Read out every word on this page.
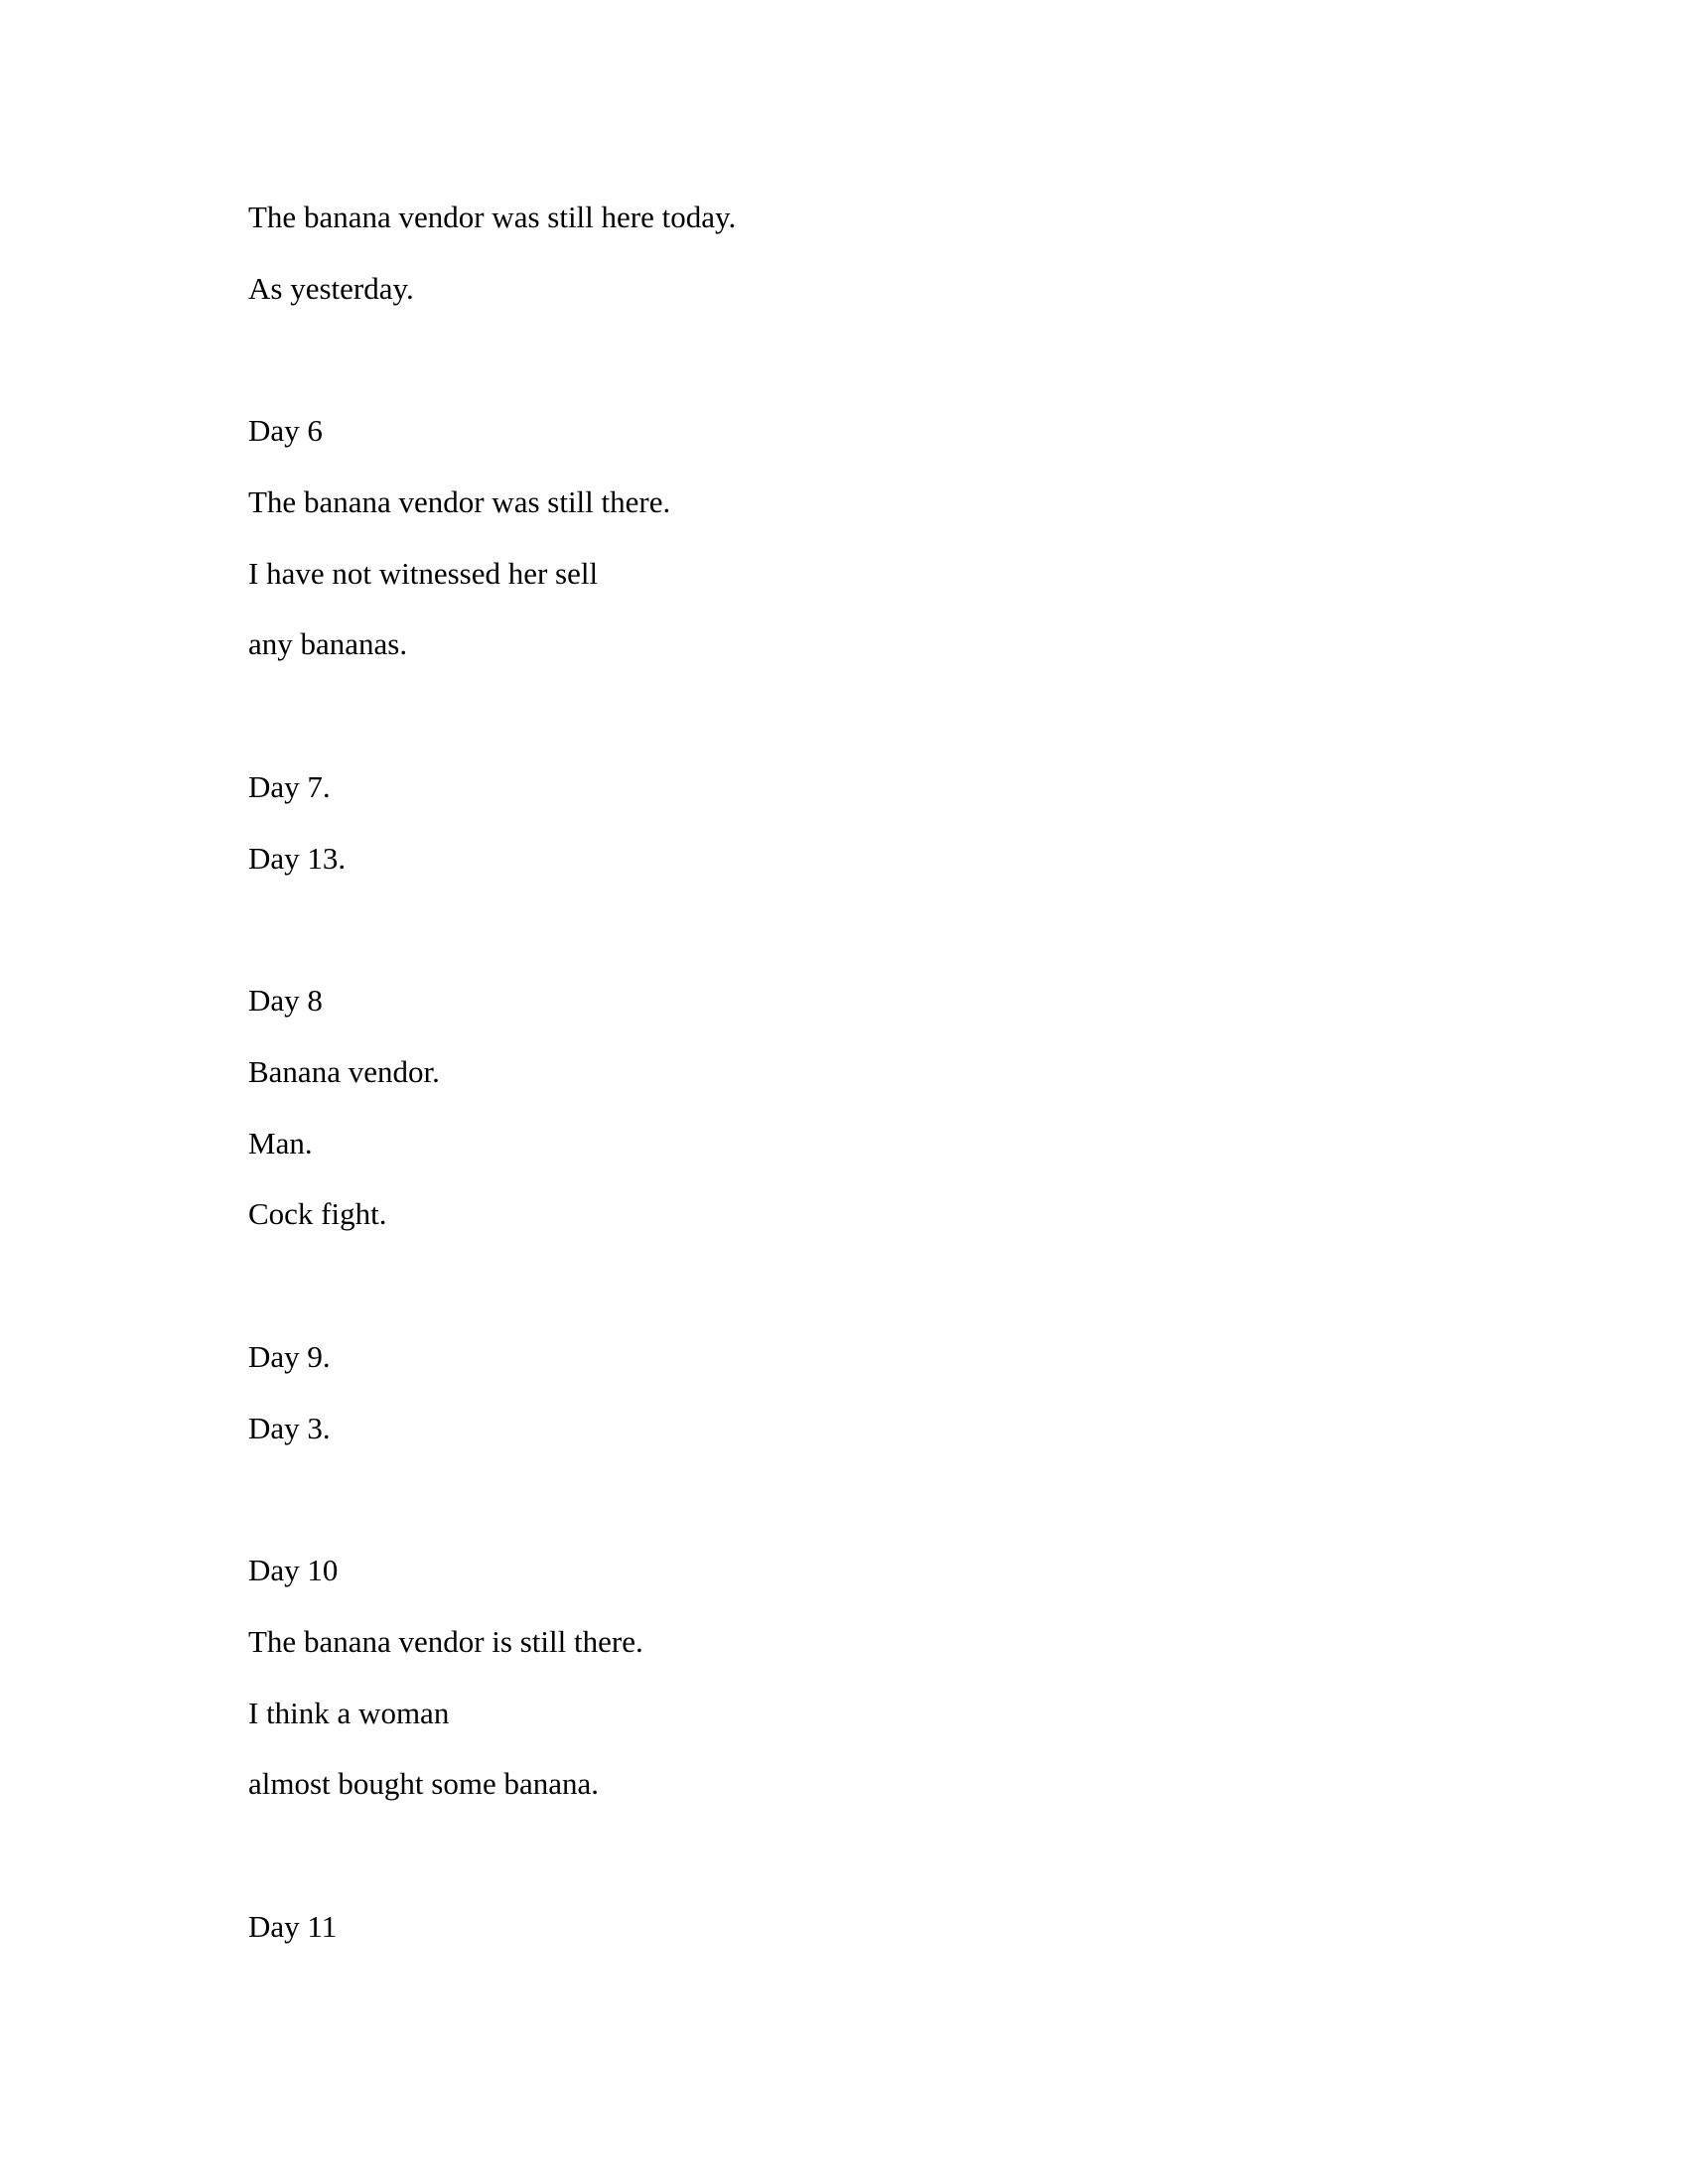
The banana vendor was still here today.

As yesterday.

Day 6

The banana vendor was still there.

I have not witnessed her sell

any bananas.

Day 7.

Day 13.

Day 8

Banana vendor.

Man.

Cock fight.

Day 9.

Day 3.

Day 10

The banana vendor is still there.

I think a woman

almost bought some banana.

Day 11
